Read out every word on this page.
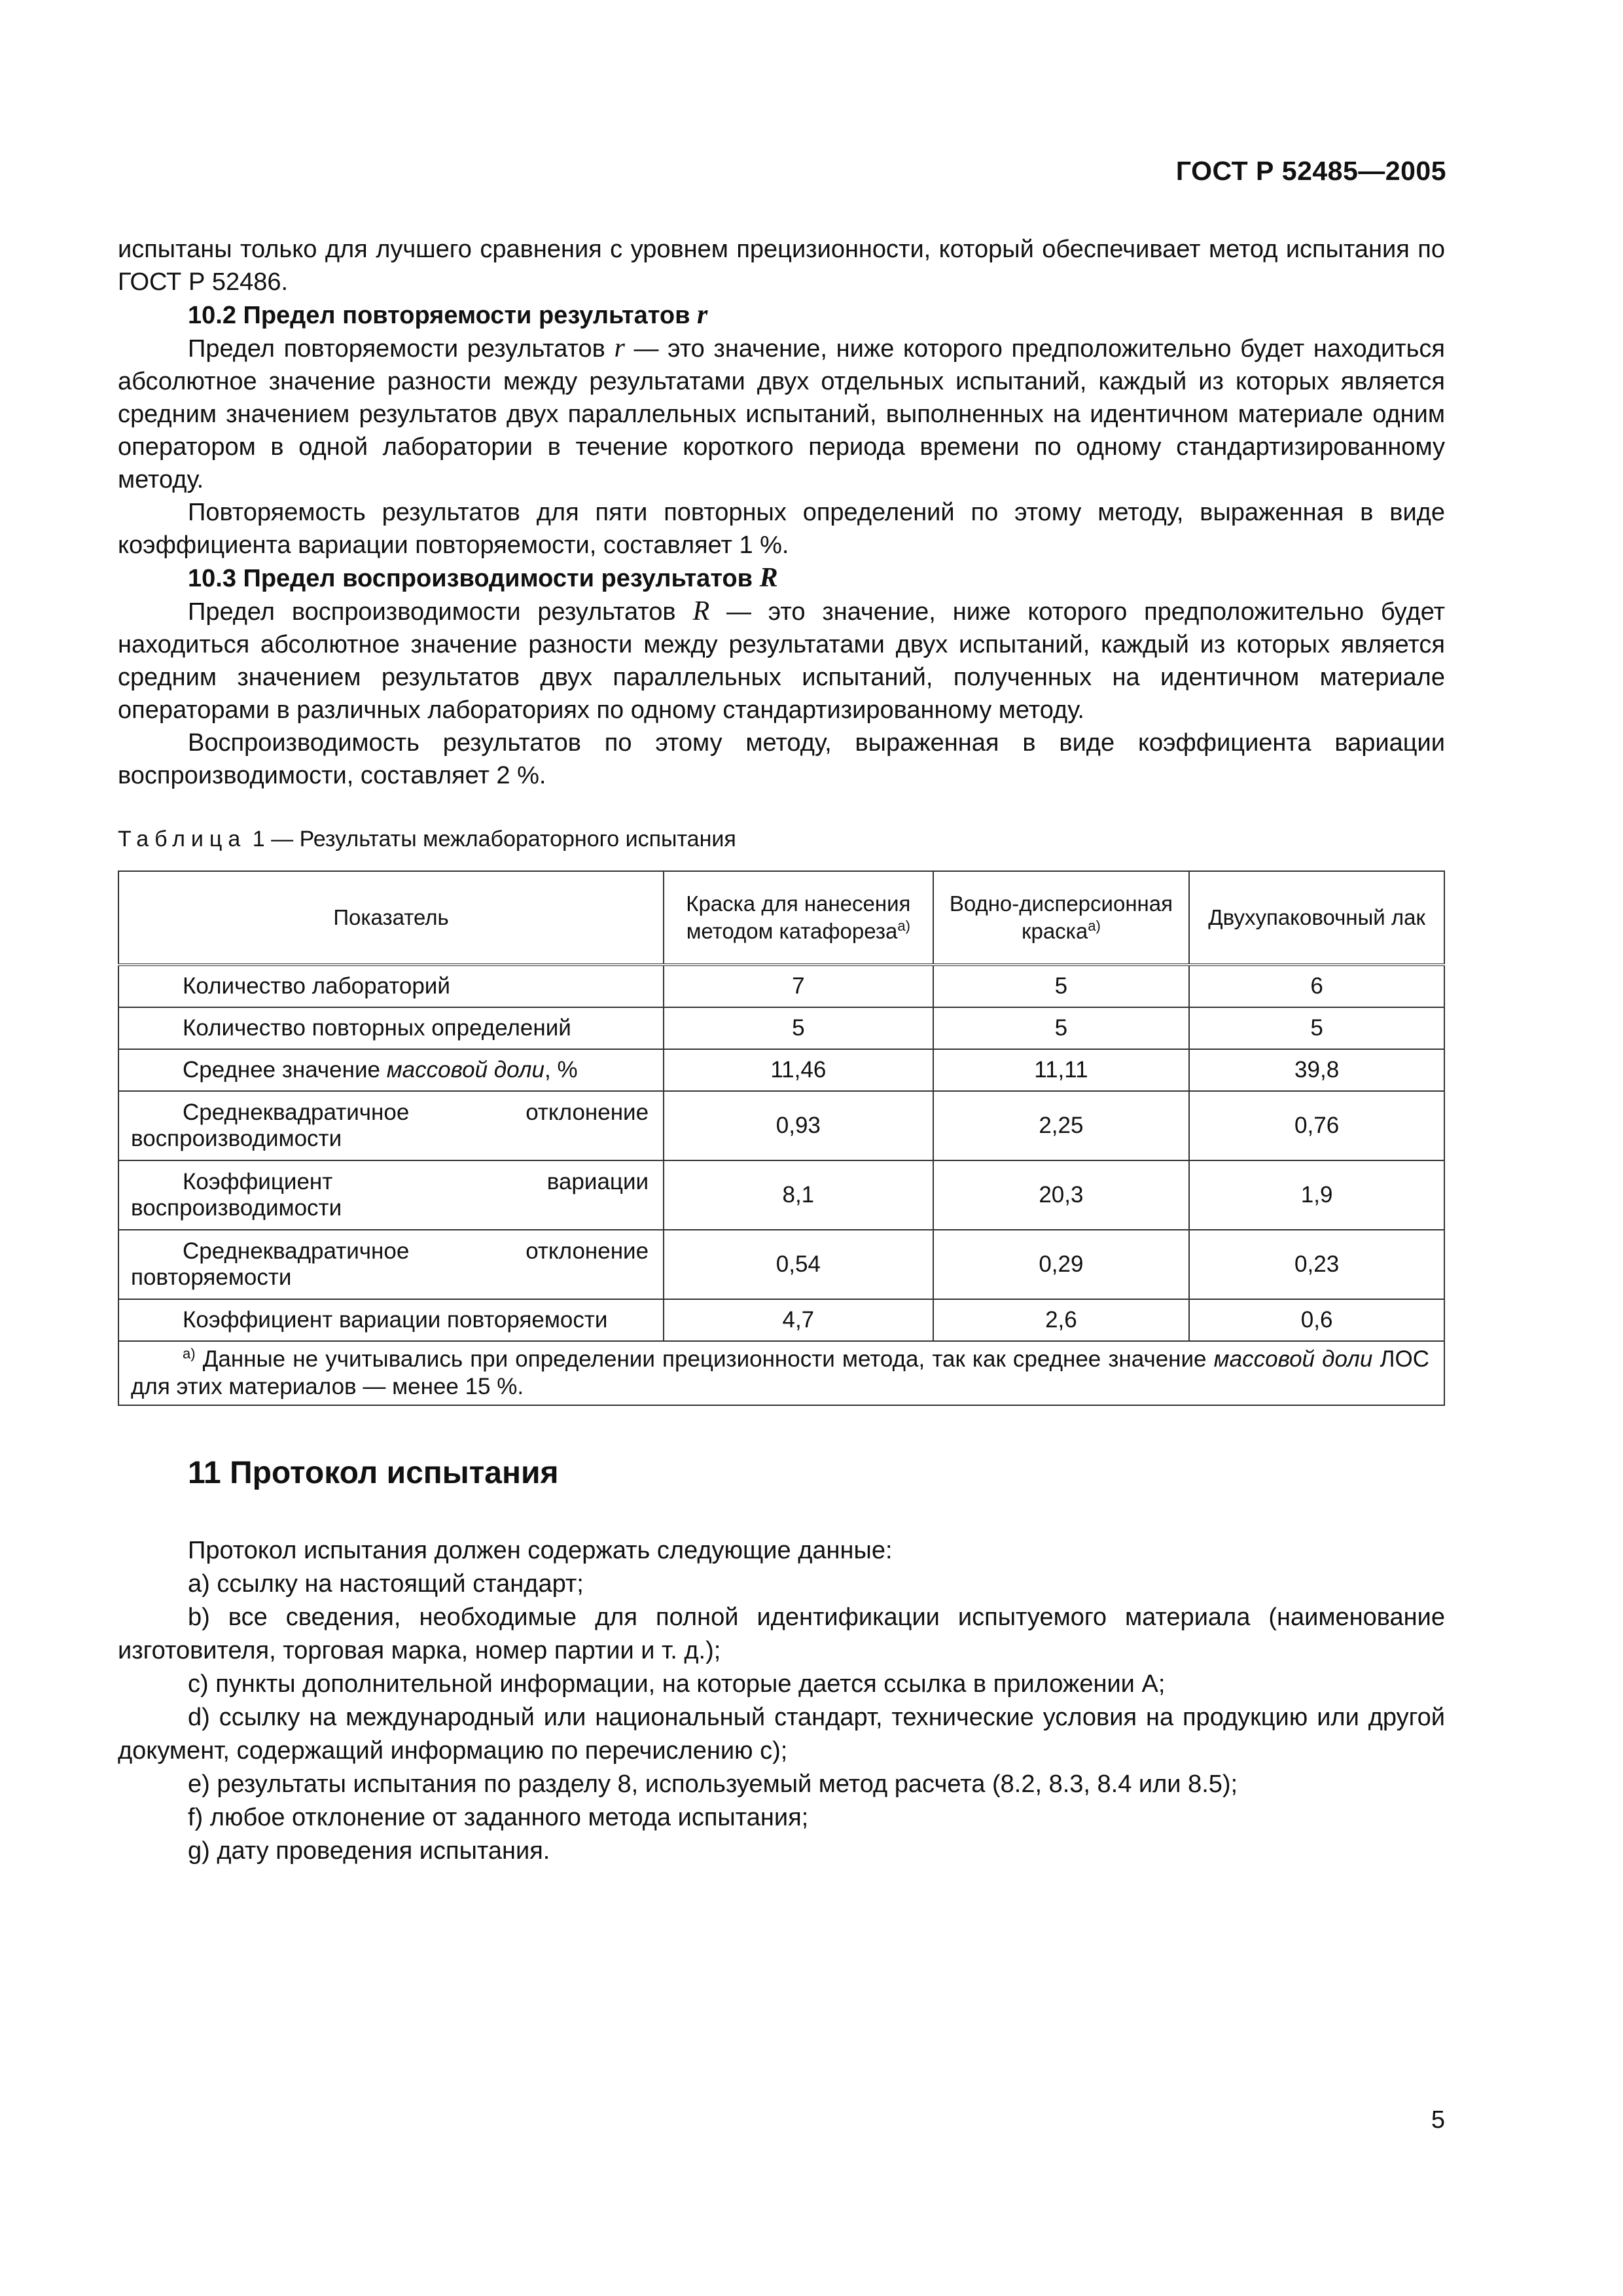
ГОСТ Р 52485—2005

испытаны только для лучшего сравнения с уровнем прецизионности, который обеспечивает метод испытания по ГОСТ Р 52486.

10.2 Предел повторяемости результатов r

Предел повторяемости результатов r — это значение, ниже которого предположительно будет находиться абсолютное значение разности между результатами двух отдельных испытаний, каждый из которых является средним значением результатов двух параллельных испытаний, выполненных на идентичном материале одним оператором в одной лаборатории в течение короткого периода времени по одному стандартизированному методу.

Повторяемость результатов для пяти повторных определений по этому методу, выраженная в виде коэффициента вариации повторяемости, составляет 1 %.

10.3 Предел воспроизводимости результатов R

Предел воспроизводимости результатов R — это значение, ниже которого предположительно будет находиться абсолютное значение разности между результатами двух испытаний, каждый из которых является средним значением результатов двух параллельных испытаний, полученных на идентичном материале операторами в различных лабораториях по одному стандартизированному методу.

Воспроизводимость результатов по этому методу, выраженная в виде коэффициента вариации воспроизводимости, составляет 2 %.

Таблица 1 — Результаты межлабораторного испытания
Показатель	Краска для нанесения методом катафореза$^{а)}$	Водно-дисперсионная краска$^{а)}$	Двухупаковочный лак
Количество лабораторий	7	5	6
Количество повторных определений	5	5	5
Среднее значение массовой доли, %	11,46	11,11	39,8
Среднеквадратичное отклонение воспроизводимости	0,93	2,25	0,76
Коэффициент вариации воспроизводимости	8,1	20,3	1,9
Среднеквадратичное отклонение повторяемости	0,54	0,29	0,23
Коэффициент вариации повторяемости	4,7	2,6	0,6
$^{а)}$ Данные не учитывались при определении прецизионности метода, так как среднее значение массовой доли ЛОС для этих материалов — менее 15 %.			
11 Протокол испытания

Протокол испытания должен содержать следующие данные:

а) ссылку на настоящий стандарт;

b) все сведения, необходимые для полной идентификации испытуемого материала (наименование изготовителя, торговая марка, номер партии и т. д.);

с) пункты дополнительной информации, на которые дается ссылка в приложении А;

d) ссылку на международный или национальный стандарт, технические условия на продукцию или другой документ, содержащий информацию по перечислению с);

е) результаты испытания по разделу 8, используемый метод расчета (8.2, 8.3, 8.4 или 8.5);

f) любое отклонение от заданного метода испытания;

g) дату проведения испытания.

5
